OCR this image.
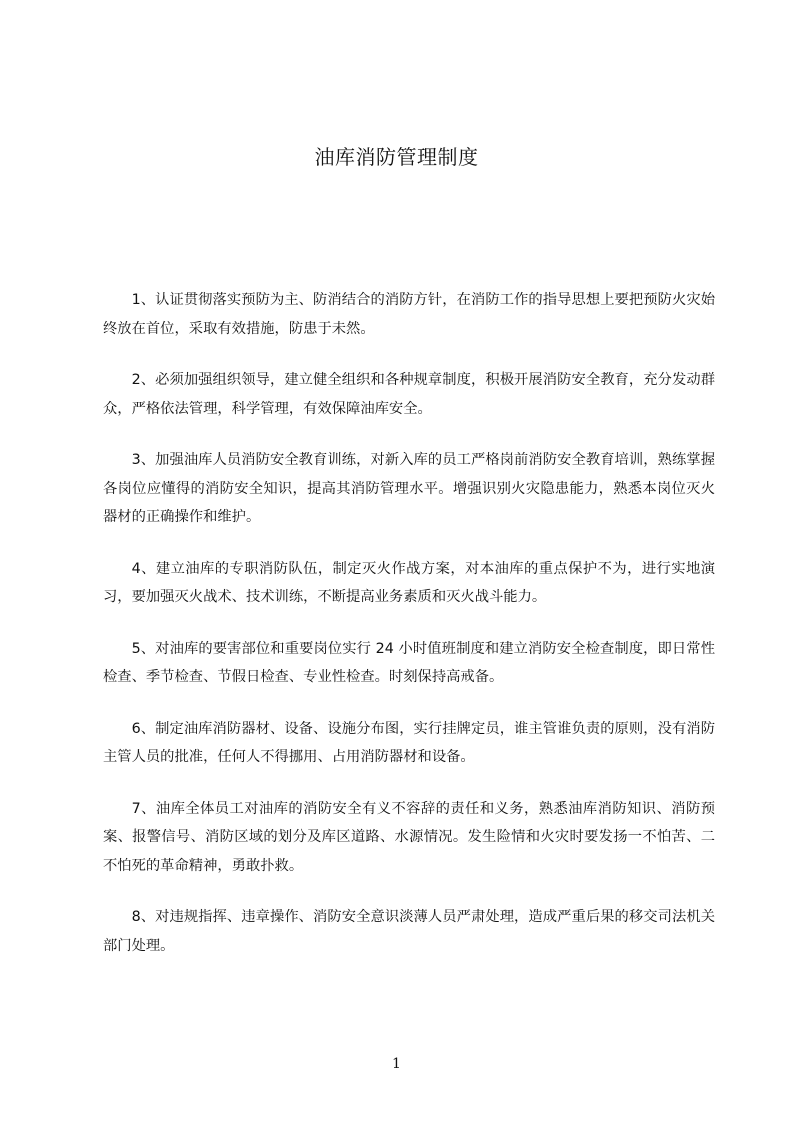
油库消防管理制度

1、认证贯彻落实预防为主、防消结合的消防方针，在消防工作的指导思想上要把预防火灾始终放在首位，采取有效措施，防患于未然。

2、必须加强组织领导，建立健全组织和各种规章制度，积极开展消防安全教育，充分发动群众，严格依法管理，科学管理，有效保障油库安全。

3、加强油库人员消防安全教育训练，对新入库的员工严格岗前消防安全教育培训，熟练掌握各岗位应懂得的消防安全知识，提高其消防管理水平。增强识别火灾隐患能力，熟悉本岗位灭火器材的正确操作和维护。

4、建立油库的专职消防队伍，制定灭火作战方案，对本油库的重点保护不为，进行实地演习，要加强灭火战术、技术训练，不断提高业务素质和灭火战斗能力。

5、对油库的要害部位和重要岗位实行 24 小时值班制度和建立消防安全检查制度，即日常性检查、季节检查、节假日检查、专业性检查。时刻保持高戒备。

6、制定油库消防器材、设备、设施分布图，实行挂牌定员，谁主管谁负责的原则，没有消防主管人员的批准，任何人不得挪用、占用消防器材和设备。

7、油库全体员工对油库的消防安全有义不容辞的责任和义务，熟悉油库消防知识、消防预案、报警信号、消防区域的划分及库区道路、水源情况。发生险情和火灾时要发扬一不怕苦、二不怕死的革命精神，勇敢扑救。

8、对违规指挥、违章操作、消防安全意识淡薄人员严肃处理，造成严重后果的移交司法机关部门处理。

1
